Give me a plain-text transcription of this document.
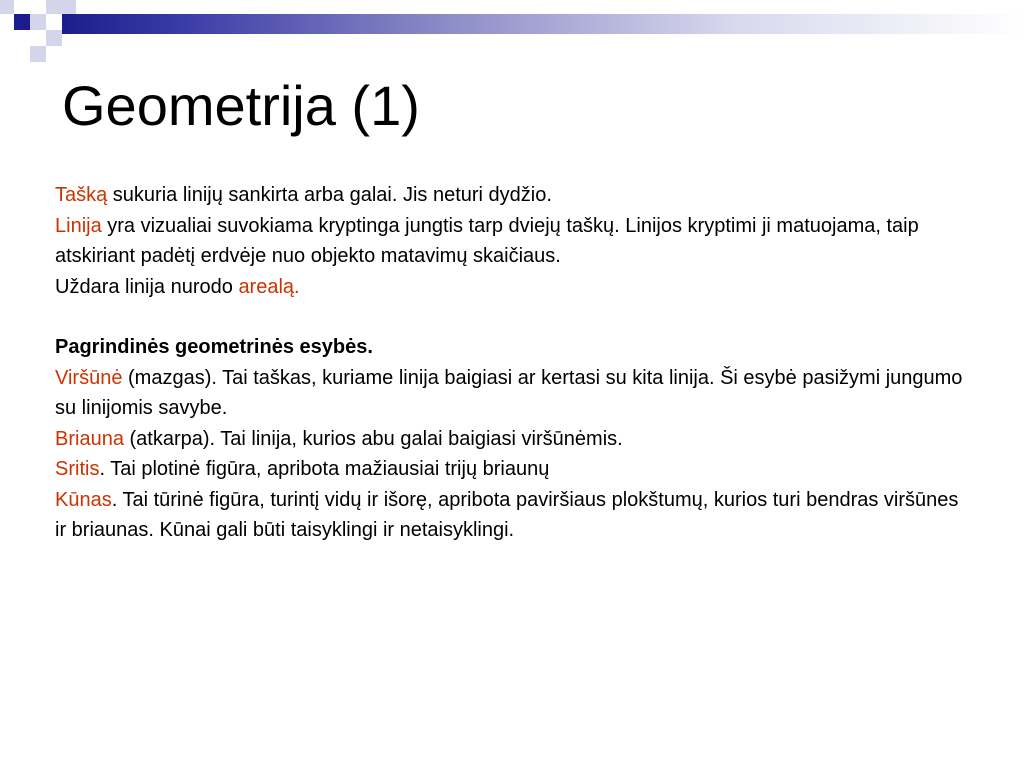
Geometrija (1)

Tašką sukuria linijų sankirta arba galai. Jis neturi dydžio.

Linija yra vizualiai suvokiama kryptinga jungtis tarp dviejų taškų. Linijos kryptimi ji matuojama, taip atskiriant padėtį erdvėje nuo objekto matavimų skaičiaus.

Uždara linija nurodo arealą.

Pagrindinės geometrinės esybės.

Viršūnė (mazgas). Tai taškas, kuriame linija baigiasi ar kertasi su kita linija. Ši esybė pasižymi jungumo su linijomis savybe.

Briauna (atkarpa). Tai linija, kurios abu galai baigiasi viršūnėmis.

Sritis. Tai plotinė figūra, apribota mažiausiai trijų briaunų

Kūnas. Tai tūrinė figūra, turintį vidų ir išorę, apribota paviršiaus plokštumų, kurios turi bendras viršūnes ir briaunas. Kūnai gali būti taisyklingi ir netaisyklingi.
